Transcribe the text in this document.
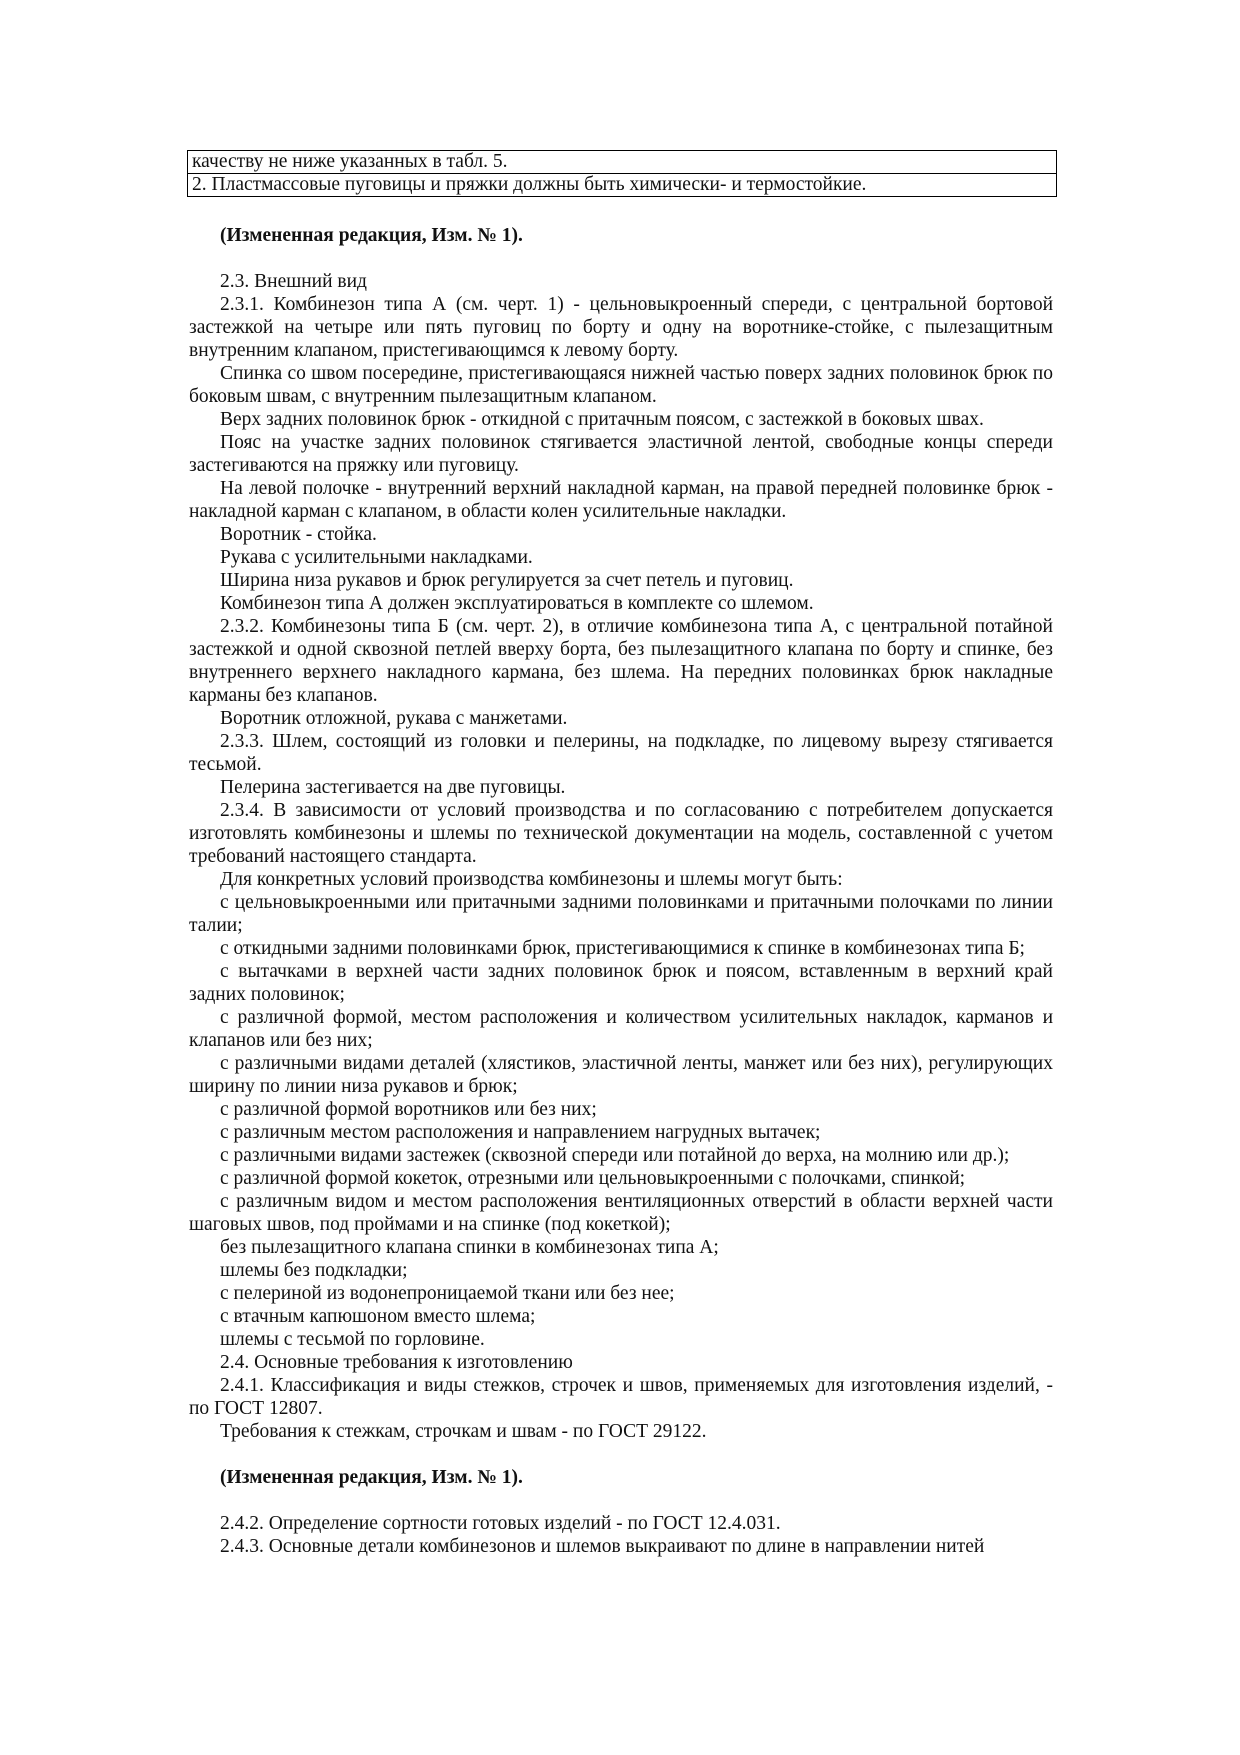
качеству не ниже указанных в табл. 5.
2. Пластмассовые пуговицы и пряжки должны быть химически- и термостойкие.

(Измененная редакция, Изм. № 1).

2.3. Внешний вид

2.3.1. Комбинезон типа А (см. черт. 1) - цельновыкроенный спереди, с центральной бортовой застежкой на четыре или пять пуговиц по борту и одну на воротнике-стойке, с пылезащитным внутренним клапаном, пристегивающимся к левому борту.

Спинка со швом посередине, пристегивающаяся нижней частью поверх задних половинок брюк по боковым швам, с внутренним пылезащитным клапаном.

Верх задних половинок брюк - откидной с притачным поясом, с застежкой в боковых швах.

Пояс на участке задних половинок стягивается эластичной лентой, свободные концы спереди застегиваются на пряжку или пуговицу.

На левой полочке - внутренний верхний накладной карман, на правой передней половинке брюк - накладной карман с клапаном, в области колен усилительные накладки.

Воротник - стойка.

Рукава с усилительными накладками.

Ширина низа рукавов и брюк регулируется за счет петель и пуговиц.

Комбинезон типа А должен эксплуатироваться в комплекте со шлемом.

2.3.2. Комбинезоны типа Б (см. черт. 2), в отличие комбинезона типа А, с центральной потайной застежкой и одной сквозной петлей вверху борта, без пылезащитного клапана по борту и спинке, без внутреннего верхнего накладного кармана, без шлема. На передних половинках брюк накладные карманы без клапанов.

Воротник отложной, рукава с манжетами.

2.3.3. Шлем, состоящий из головки и пелерины, на подкладке, по лицевому вырезу стягивается тесьмой.

Пелерина застегивается на две пуговицы.

2.3.4. В зависимости от условий производства и по согласованию с потребителем допускается изготовлять комбинезоны и шлемы по технической документации на модель, составленной с учетом требований настоящего стандарта.

Для конкретных условий производства комбинезоны и шлемы могут быть:

с цельновыкроенными или притачными задними половинками и притачными полочками по линии талии;

с откидными задними половинками брюк, пристегивающимися к спинке в комбинезонах типа Б;

с вытачками в верхней части задних половинок брюк и поясом, вставленным в верхний край задних половинок;

с различной формой, местом расположения и количеством усилительных накладок, карманов и клапанов или без них;

с различными видами деталей (хлястиков, эластичной ленты, манжет или без них), регулирующих ширину по линии низа рукавов и брюк;

с различной формой воротников или без них;

с различным местом расположения и направлением нагрудных вытачек;

с различными видами застежек (сквозной спереди или потайной до верха, на молнию или др.);

с различной формой кокеток, отрезными или цельновыкроенными с полочками, спинкой;

с различным видом и местом расположения вентиляционных отверстий в области верхней части шаговых швов, под проймами и на спинке (под кокеткой);

без пылезащитного клапана спинки в комбинезонах типа А;

шлемы без подкладки;

с пелериной из водонепроницаемой ткани или без нее;

с втачным капюшоном вместо шлема;

шлемы с тесьмой по горловине.

2.4. Основные требования к изготовлению

2.4.1. Классификация и виды стежков, строчек и швов, применяемых для изготовления изделий, - по ГОСТ 12807.

Требования к стежкам, строчкам и швам - по ГОСТ 29122.

(Измененная редакция, Изм. № 1).

2.4.2. Определение сортности готовых изделий - по ГОСТ 12.4.031.

2.4.3. Основные детали комбинезонов и шлемов выкраивают по длине в направлении нитей
